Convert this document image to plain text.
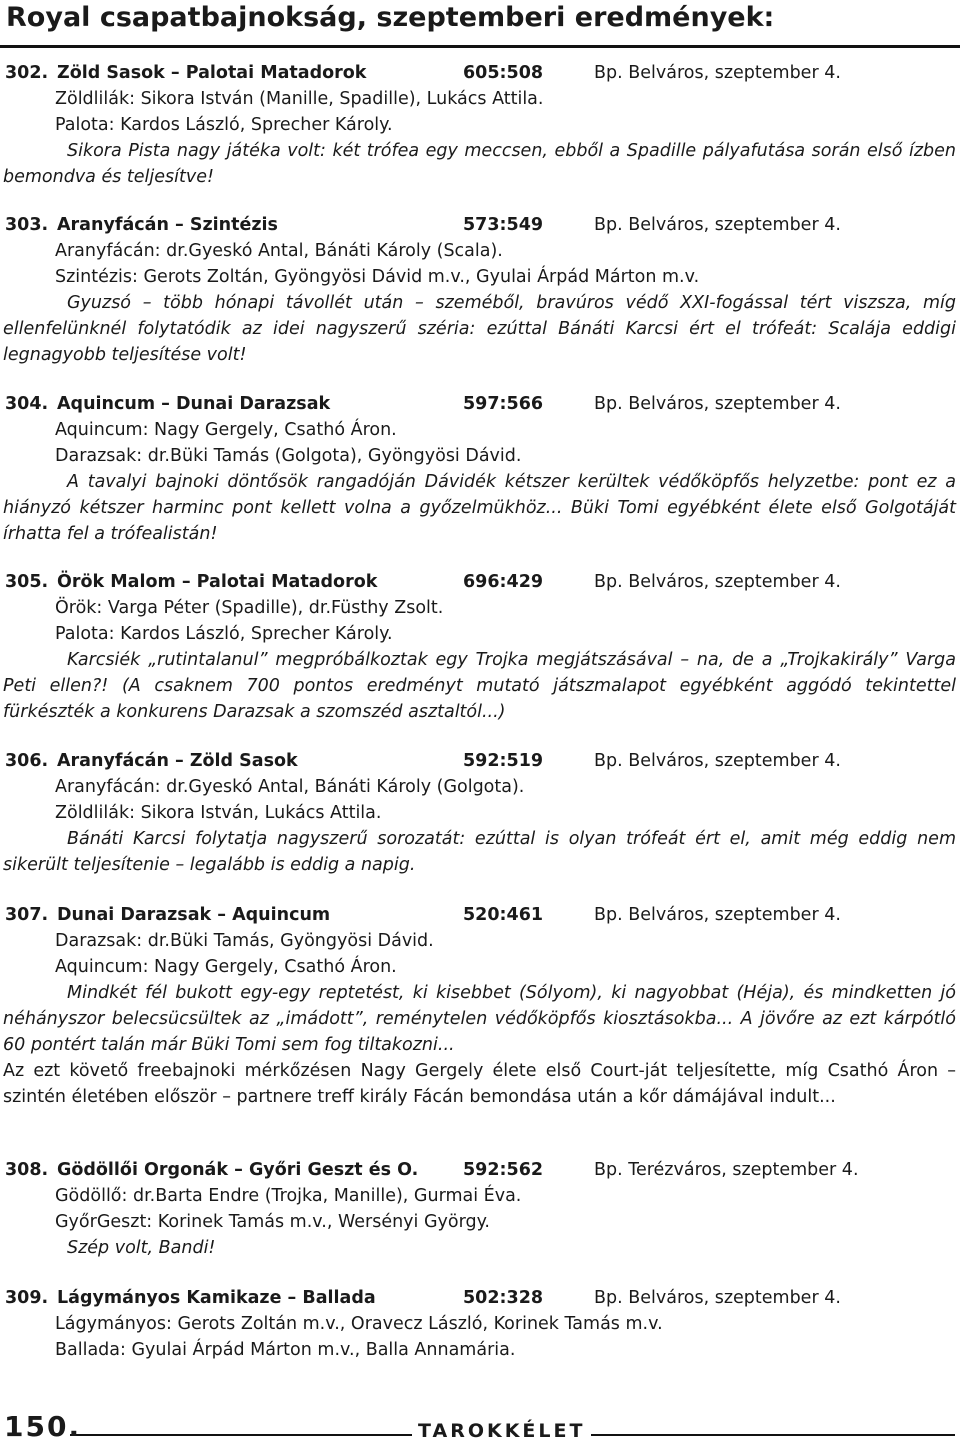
Royal csapatbajnokság, szeptemberi eredmények:
302. Zöld Sasok – Palotai Matadorok	605:508	Bp. Belváros, szeptember 4.
Zöldlilák: Sikora István (Manille, Spadille), Lukács Attila.
Palota: Kardos László, Sprecher Károly.

Sikora Pista nagy játéka volt: két trófea egy meccsen, ebből a Spadille pályafutása során első ízben bemondva és teljesítve!

303. Aranyfácán – Szintézis	573:549	Bp. Belváros, szeptember 4.
Aranyfácán: dr.Gyeskó Antal, Bánáti Károly (Scala).
Szintézis: Gerots Zoltán, Gyöngyösi Dávid m.v., Gyulai Árpád Márton m.v.

Gyuzsó – több hónapi távollét után – szeméből, bravúros védő XXI-fogással tért viszsza, míg ellenfelünknél folytatódik az idei nagyszerű széria: ezúttal Bánáti Karcsi ért el trófeát: Scalája eddigi legnagyobb teljesítése volt!

304. Aquincum – Dunai Darazsak	597:566	Bp. Belváros, szeptember 4.
Aquincum: Nagy Gergely, Csathó Áron.
Darazsak: dr.Büki Tamás (Golgota), Gyöngyösi Dávid.

A tavalyi bajnoki döntősök rangadóján Dávidék kétszer kerültek védőköpfős helyzetbe: pont ez a hiányzó kétszer harminc pont kellett volna a győzelmükhöz... Büki Tomi egyébként élete első Golgotáját írhatta fel a trófealistán!

305. Örök Malom – Palotai Matadorok	696:429	Bp. Belváros, szeptember 4.
Örök: Varga Péter (Spadille), dr.Füsthy Zsolt.
Palota: Kardos László, Sprecher Károly.

Karcsiék „rutintalanul” megpróbálkoztak egy Trojka megjátszásával – na, de a „Trojkakirály” Varga Peti ellen?! (A csaknem 700 pontos eredményt mutató játszmalapot egyébként aggódó tekintettel fürkészték a konkurens Darazsak a szomszéd asztaltól...)

306. Aranyfácán – Zöld Sasok	592:519	Bp. Belváros, szeptember 4.
Aranyfácán: dr.Gyeskó Antal, Bánáti Károly (Golgota).
Zöldlilák: Sikora István, Lukács Attila.

Bánáti Karcsi folytatja nagyszerű sorozatát: ezúttal is olyan trófeát ért el, amit még eddig nem sikerült teljesítenie – legalább is eddig a napig.

307. Dunai Darazsak – Aquincum	520:461	Bp. Belváros, szeptember 4.
Darazsak: dr.Büki Tamás, Gyöngyösi Dávid.
Aquincum: Nagy Gergely, Csathó Áron.

Mindkét fél bukott egy-egy reptetést, ki kisebbet (Sólyom), ki nagyobbat (Héja), és mindketten jó néhányszor belecsücsültek az „imádott”, reménytelen védőköpfős kiosztásokba... A jövőre az ezt kárpótló 60 pontért talán már Büki Tomi sem fog tiltakozni...

Az ezt követő freebajnoki mérkőzésen Nagy Gergely élete első Court-ját teljesítette, míg Csathó Áron – szintén életében először – partnere treff király Fácán bemondása után a kőr dámájával indult...

308. Gödöllői Orgonák – Győri Geszt és O.	592:562	Bp. Terézváros, szeptember 4.
Gödöllő: dr.Barta Endre (Trojka, Manille), Gurmai Éva.
GyőrGeszt: Korinek Tamás m.v., Wersényi György.

Szép volt, Bandi!

309. Lágymányos Kamikaze – Ballada	502:328	Bp. Belváros, szeptember 4.
Lágymányos: Gerots Zoltán m.v., Oravecz László, Korinek Tamás m.v.
Ballada: Gyulai Árpád Márton m.v., Balla Annamária.
150.	TAROKKÉLET
